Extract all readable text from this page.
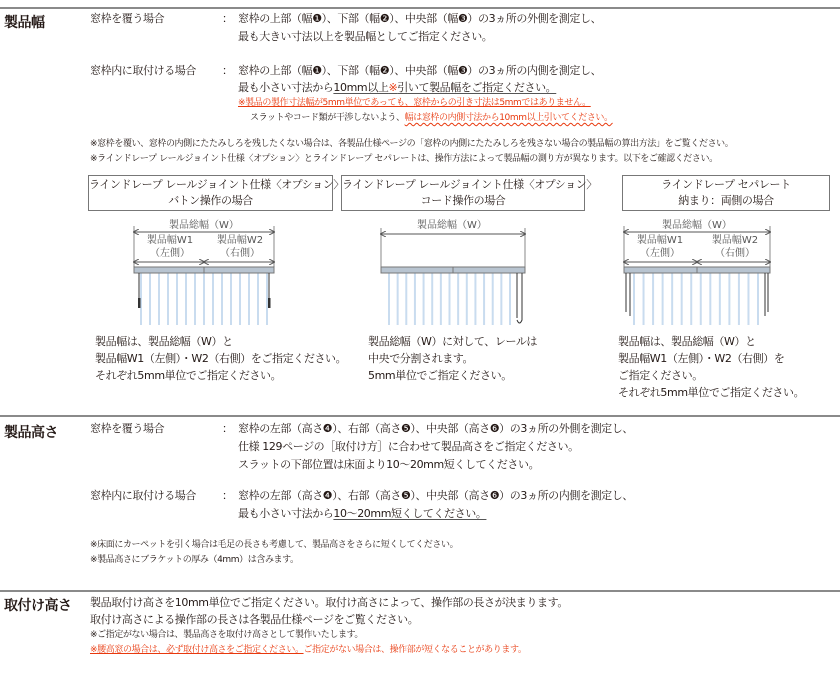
製品幅	窓枠を覆う場合	： 窓枠の上部（幅❶）、下部（幅❷）、中央部（幅❸）の3ヵ所の外側を測定し、
最も大きい寸法以上を製品幅としてご指定ください。
窓枠内に取付ける場合 ： 窓枠の上部（幅❶）、下部（幅❷）、中央部（幅❸）の3ヵ所の内側を測定し、
最も小さい寸法から10mm以上※引いて製品幅をご指定ください。
※製品の製作寸法幅が5mm単位であっても、窓枠からの引き寸法は5mmではありません。
スラットやコード類が干渉しないよう、幅は窓枠の内側寸法から10mm以上引いてください。
※窓枠を覆い、窓枠の内側にたたみしろを残したくない場合は、各製品仕様ページの「窓枠の内側にたたみしろを残さない場合の製品幅の算出方法」をご覧ください。
※ラインドレープ レールジョイント仕様〈オプション〉とラインドレープ セパレートは、操作方法によって製品幅の測り方が異なります。以下をご確認ください。
ラインドレープ レールジョイント仕様〈オプション〉
バトン操作の場合
ラインドレープ レールジョイント仕様〈オプション〉
コード操作の場合
ラインドレープ セパレート
納まり：両側の場合
製品総幅（W）
製品幅W1
（左側）
製品幅W2
（右側）
製品総幅（W）	製品総幅（W）
製品幅W1
（左側）
製品幅W2
（右側）
製品幅は、製品総幅（W）と
製品幅W1（左側）・W2（右側）をご指定ください。
それぞれ5mm単位でご指定ください。
製品総幅（W）に対して、レールは
中央で分割されます。
5mm単位でご指定ください。
製品幅は、製品総幅（W）と
製品幅W1（左側）・W2（右側）を
ご指定ください。
それぞれ5mm単位でご指定ください。
製品高さ	窓枠を覆う場合	： 窓枠の左部（高さ❹）、右部（高さ❺）、中央部（高さ❻）の3ヵ所の外側を測定し、
仕様 129ページの［取付け方］に合わせて製品高さをご指定ください。
スラットの下部位置は床面より10～20mm短くしてください。
窓枠内に取付ける場合 ： 窓枠の左部（高さ❹）、右部（高さ❺）、中央部（高さ❻）の3ヵ所の内側を測定し、
最も小さい寸法から10～20mm短くしてください。
※床面にカーペットを引く場合は毛足の長さも考慮して、製品高さをさらに短くしてください。
※製品高さにブラケットの厚み（4mm）は含みます。
取付け高さ 製品取付け高さを10mm単位でご指定ください。取付け高さによって、操作部の長さが決まります。
取付け高さによる操作部の長さは各製品仕様ページをご覧ください。
※ご指定がない場合は、製品高さを取付け高さとして製作いたします。
※腰高窓の場合は、必ず取付け高さをご指定ください。ご指定がない場合は、操作部が短くなることがあります。
